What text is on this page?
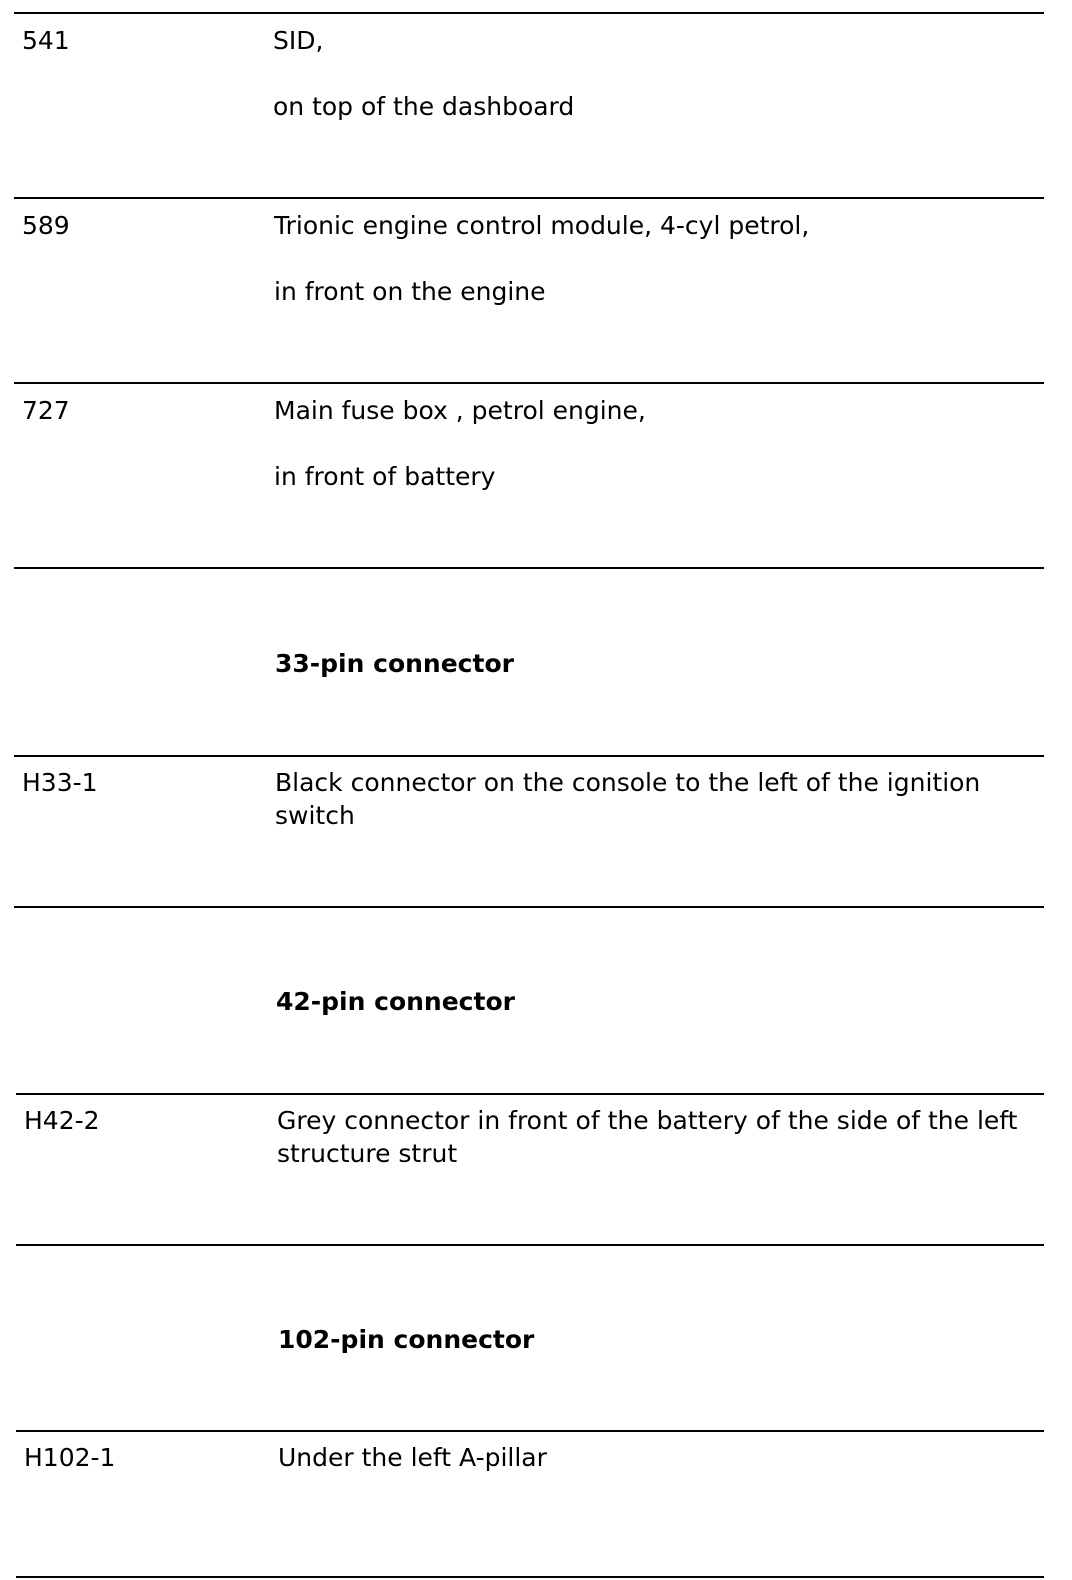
541	SID,
on top of the dashboard
589	Trionic engine control module, 4-cyl petrol,
in front on the engine
727	Main fuse box , petrol engine,
in front of battery
33-pin connector
H33-1	Black connector on the console to the left of the ignition switch
42-pin connector
H42-2	Grey connector in front of the battery of the side of the left structure strut
102-pin connector
H102-1	Under the left A-pillar
